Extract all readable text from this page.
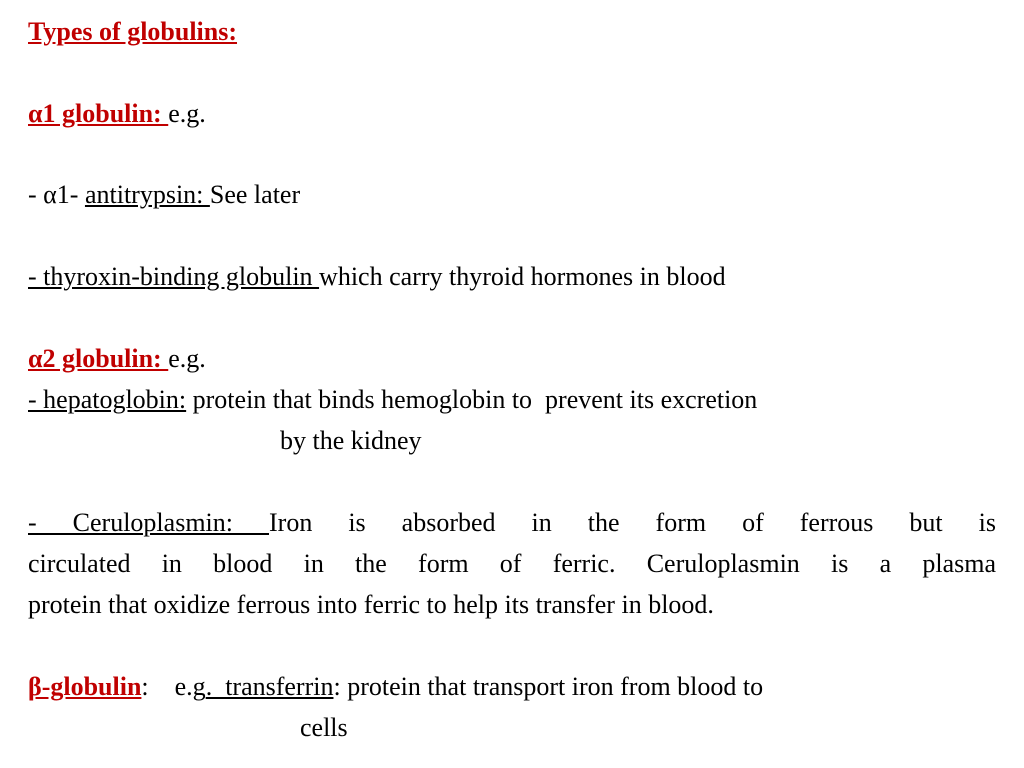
Types of globulins:
α1 globulin: e.g.
- α1- antitrypsin: See later
- thyroxin-binding globulin which carry thyroid hormones in blood
α2 globulin: e.g.
- hepatoglobin: protein that binds hemoglobin to  prevent its excretion
by the kidney
- Ceruloplasmin: Iron is absorbed in the form of ferrous but is
circulated in blood in the form of ferric. Ceruloplasmin is a plasma
protein that oxidize ferrous into ferric to help its transfer in blood.
β-globulin:    e.g.  transferrin: protein that transport iron from blood to
cells
